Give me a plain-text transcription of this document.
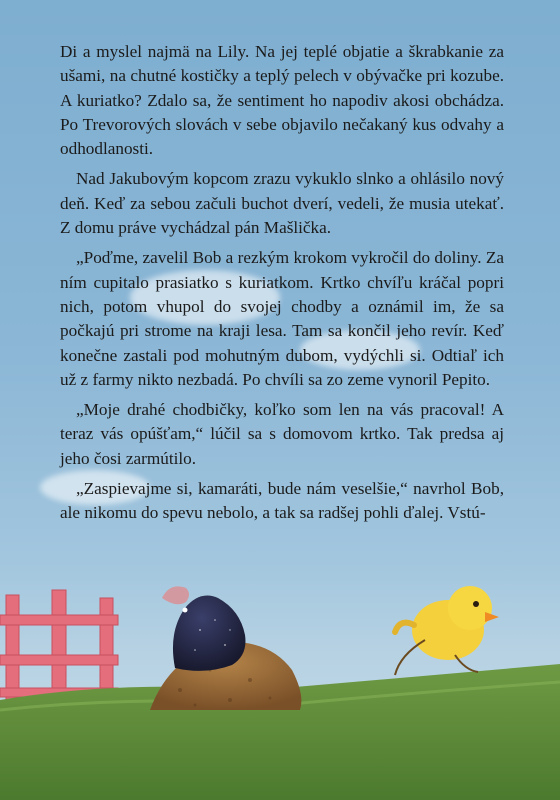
Di a myslel najmä na Lily. Na jej teplé objatie a škrabkanie za ušami, na chutné kostičky a teplý pelech v obývačke pri kozube. A kuriatko? Zdalo sa, že sentiment ho napodiv akosi obchádza. Po Trevorových slovách v sebe objavilo nečakaný kus odvahy a odhodlanosti.

Nad Jakubovým kopcom zrazu vykuklo slnko a ohlásilo nový deň. Keď za sebou začuli buchot dverí, vedeli, že musia utekať. Z domu práve vychádzal pán Mašlička.

„Poďme, zavelil Bob a rezkým krokom vykročil do doliny. Za ním cupitalo prasiatko s kuriatkom. Krtko chvíľu kráčal popri nich, potom vhupol do svojej chodby a oznámil im, že sa počkajú pri strome na kraji lesa. Tam sa končil jeho revír. Keď konečne zastali pod mohutným dubom, vydýchli si. Odtiaľ ich už z farmy nikto nezbadá. Po chvíli sa zo zeme vynoril Pepito.

„Moje drahé chodbičky, koľko som len na vás pracoval! A teraz vás opúšťam,“ lúčil sa s domovom krtko. Tak predsa aj jeho čosi zarmútilo.

„Zaspievajme si, kamaráti, bude nám veselšie,“ navrhol Bob, ale nikomu do spevu nebolo, a tak sa radšej pohli ďalej. Vstú-
